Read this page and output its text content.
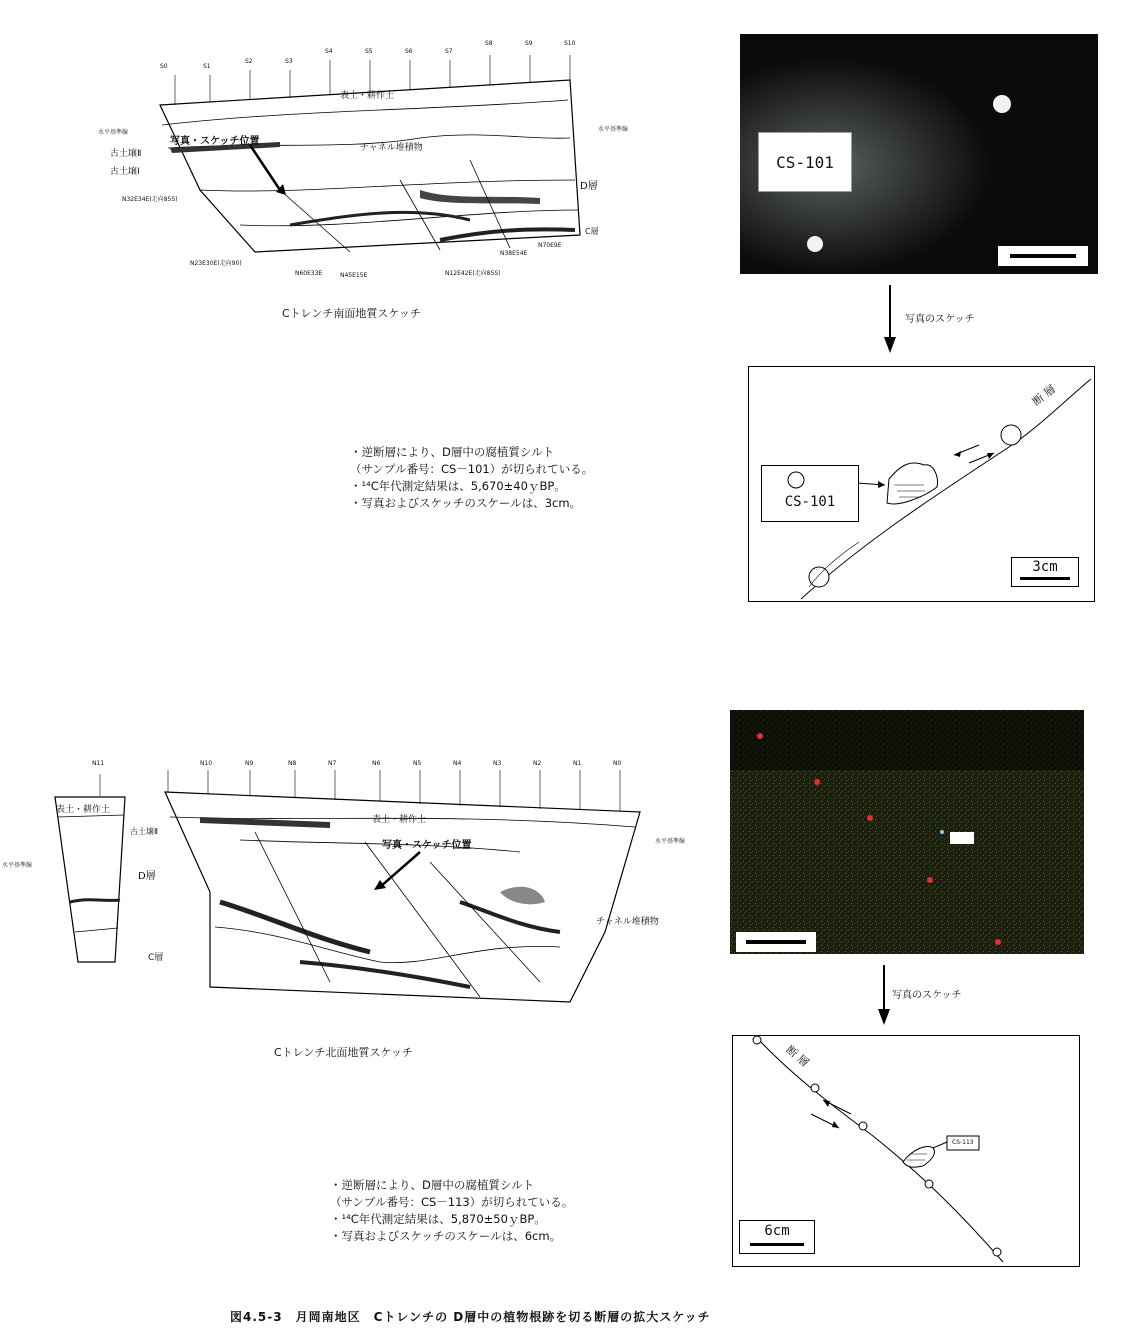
S0	S1
S2	S3
S4	S5	S6	S7
S8	S9	S10
表土・耕作土
写真・スケッチ位置
チャネル堆積物
古土壌Ⅱ
古土壌Ⅰ
D層
C層
水平基準線	水平基準線
N32E34E(走向85S)
N23E30E(走向90)
N60E33E	N45E15E	N12E42E(走向85S)
N38E54E
N70E9E
Cトレンチ南面地質スケッチ
CS-101
写真のスケッチ
CS-101
断 層
3cm
・逆断層により、D層中の腐植質シルト
（サンプル番号：CS－101）が切られている。
・¹⁴C年代測定結果は、5,670±40ｙBP。
・写真およびスケッチのスケールは、3cm。
N11	N10	N9	N8	N7	N6	N5	N4	N3	N2	N1	N0
表土・耕作土
表土・耕作土
古土壌Ⅱ
D層
C層
写真・スケッチ位置
チャネル堆積物
水平基準線
水平基準線
Cトレンチ北面地質スケッチ
写真のスケッチ
断 層
CS-113
6cm
・逆断層により、D層中の腐植質シルト
（サンプル番号：CS－113）が切られている。
・¹⁴C年代測定結果は、5,870±50ｙBP。
・写真およびスケッチのスケールは、6cm。
図4.5-3　月岡南地区　Cトレンチの D層中の植物根跡を切る断層の拡大スケッチ
